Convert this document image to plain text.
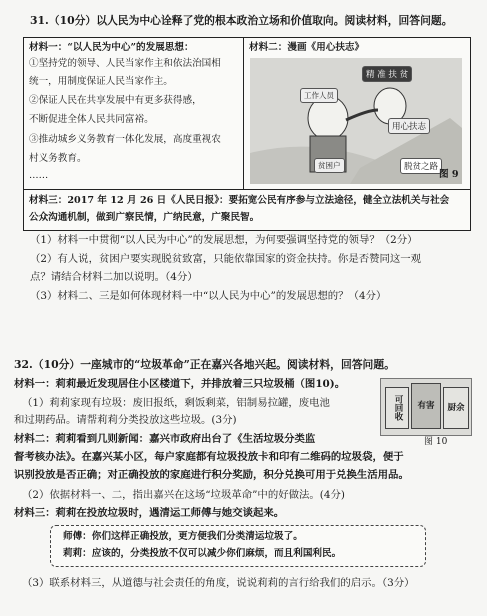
31.（10分）以人民为中心诠释了党的根本政治立场和价值取向。阅读材料，回答问题。
材料一：“以人民为中心”的发展思想：
①坚持党的领导、人民当家作主和依法治国相
统一，用制度保证人民当家作主。
②保证人民在共享发展中有更多获得感，
不断促进全体人民共同富裕。
③推动城乡义务教育一体化发展，高度重视农
村义务教育。
……
材料二：漫画《用心扶志》
精 准 扶 贫
用心扶志
脱贫之路
贫困户
工作人员
图 9
材料三：2017 年 12 月 26 日《人民日报》：要拓宽公民有序参与立法途径，健全立法机关与社会
公众沟通机制，做到广察民情，广纳民意，广聚民智。
（1）材料一中贯彻“以人民为中心”的发展思想，为何要强调坚持党的领导？（2分）
（2）有人说，贫困户要实现脱贫致富，只能依靠国家的资金扶持。你是否赞同这一观
点？请结合材料二加以说明。（4分）
（3）材料二、三是如何体现材料一中“以人民为中心”的发展思想的？（4分）
32.（10分）一座城市的“垃圾革命”正在嘉兴各地兴起。阅读材料，回答问题。
材料一：莉莉最近发现居住小区楼道下，并排放着三只垃圾桶（图10)。
（1）莉莉家现有垃圾：废旧报纸，剩饭剩菜，铝制易拉罐，废电池
和过期药品。请帮莉莉分类投放这些垃圾。(3分)	可回收	有害	厨余
图 10
材料二：莉莉看到几则新闻：嘉兴市政府出台了《生活垃圾分类监
督考核办法》。在嘉兴某小区，每户家庭都有垃圾投放卡和印有二维码的垃圾袋，便于
识别投放是否正确；对正确投放的家庭进行积分奖励，积分兑换可用于兑换生活用品。
（2）依据材料一、二，指出嘉兴在这场“垃圾革命”中的好做法。(4分)
材料三：莉莉在投放垃圾时，遇清运工师傅与她交谈起来。
师傅：你们这样正确投放，更方便我们分类清运垃圾了。
莉莉：应该的，分类投放不仅可以减少你们麻烦，而且利国利民。
（3）联系材料三，从道德与社会责任的角度，说说莉莉的言行给我们的启示。（3分）
